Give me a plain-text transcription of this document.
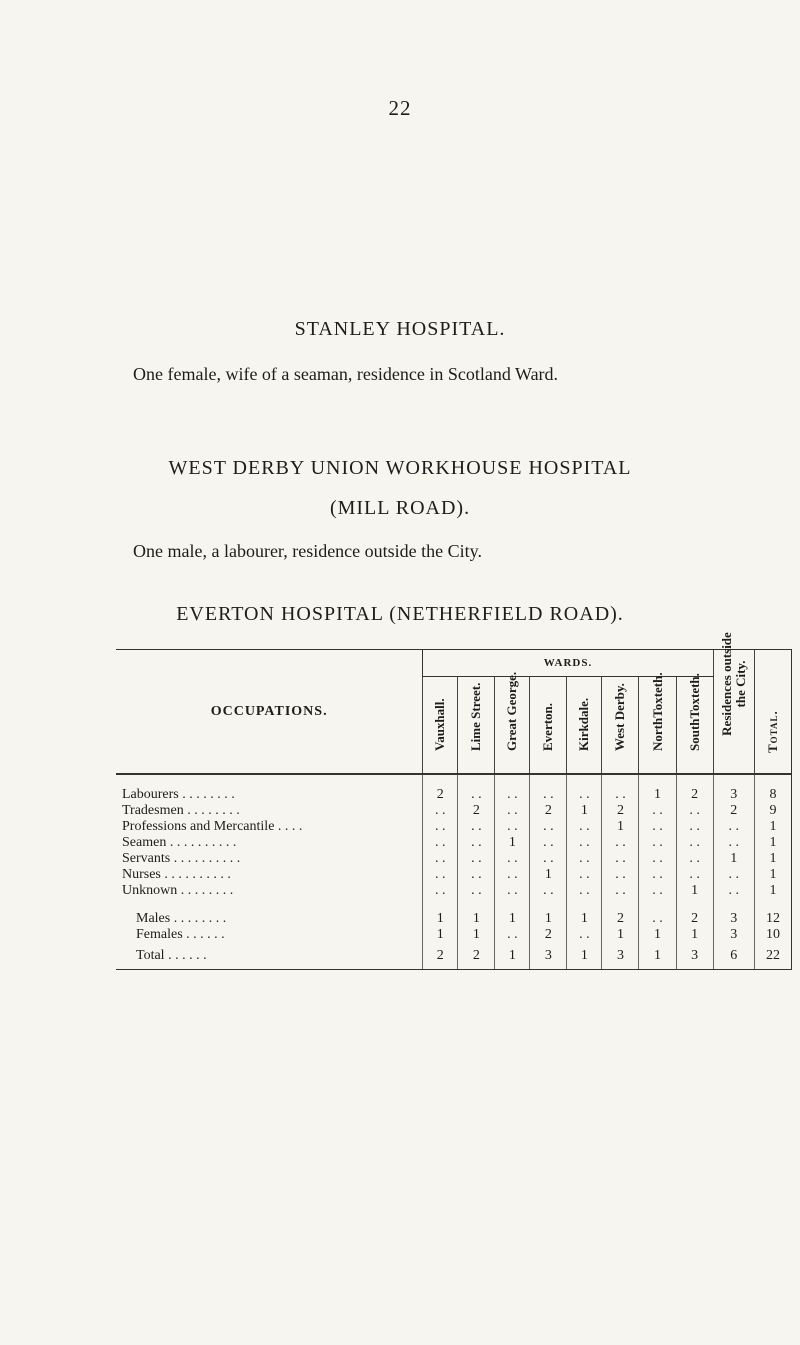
22
STANLEY HOSPITAL.
One female, wife of a seaman, residence in Scotland Ward.
WEST DERBY UNION WORKHOUSE HOSPITAL
(MILL ROAD).
One male, a labourer, residence outside the City.
EVERTON HOSPITAL (NETHERFIELD ROAD).
OCCUPATIONS.	WARDS.								Residences outside the City.	Total.

	Vauxhall.	Lime Street.	Great George.	Everton.	Kirkdale.	West Derby.	NorthToxteth.	SouthToxteth.		

Labourers . . . . . . . .	2	. .	. .	. .	. .	. .	1	2	3	8
Tradesmen . . . . . . . .	. .	2	. .	2	1	2	. .	. .	2	9
Professions and Mercantile . . . .	. .	. .	. .	. .	. .	1	. .	. .	. .	1
Seamen . . . . . . . . . .	. .	. .	1	. .	. .	. .	. .	. .	. .	1
Servants . . . . . . . . . .	. .	. .	. .	. .	. .	. .	. .	. .	1	1
Nurses . . . . . . . . . .	. .	. .	. .	1	. .	. .	. .	. .	. .	1
Unknown . . . . . . . .	. .	. .	. .	. .	. .	. .	. .	1	. .	1

Males . . . . . . . .	1	1	1	1	1	2	. .	2	3	12
Females . . . . . .	1	1	. .	2	. .	1	1	1	3	10
Total . . . . . .	2	2	1	3	1	3	1	3	6	22
